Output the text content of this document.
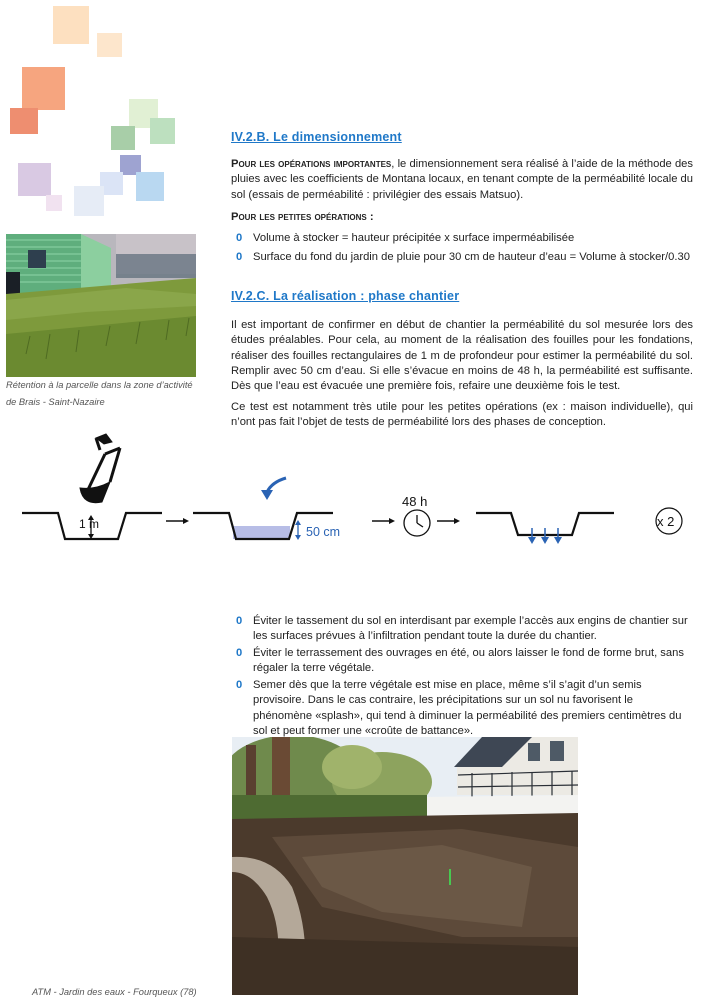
Rétention à la parcelle dans la zone d’activité de Brais - Saint-Nazaire
IV.2.B. Le dimensionnement

Pour les opérations importantes, le dimensionnement sera réalisé à l’aide de la méthode des pluies avec les coefficients de Montana locaux, en tenant compte de la perméabilité locale du sol (essais de perméabilité : privilégier des essais Matsuo).

Pour les petites opérations :
0 Volume à stocker = hauteur précipitée x surface imperméabilisée
0 Surface du fond du jardin de pluie pour 30 cm de hauteur d’eau = Volume à stocker/0.30
IV.2.C. La réalisation : phase chantier

Il est important de confirmer en début de chantier la perméabilité du sol mesurée lors des études préalables. Pour cela, au moment de la réalisation des fouilles pour les fondations, réaliser des fouilles rectangulaires de 1 m de profondeur pour estimer la perméabilité du sol. Remplir avec 50 cm d’eau. Si elle s’évacue en moins de 48 h, la perméabilité est suffisante. Dès que l’eau est évacuée une première fois, refaire une deuxième fois le test.

Ce test est notamment très utile pour les petites opérations (ex : maison individuelle), qui n’ont pas fait l’objet de tests de perméabilité lors des phases de conception.

1 m
50 cm
48 h
x 2
0 Éviter le tassement du sol en interdisant par exemple l’accès aux engins de chantier sur les surfaces prévues à l’infiltration pendant toute la durée du chantier.
0 Éviter le terrassement des ouvrages en été, ou alors laisser le fond de forme brut, sans régaler la terre végétale.
0 Semer dès que la terre végétale est mise en place, même s’il s’agit d’un semis provisoire. Dans le cas contraire, les précipitations sur un sol nu favorisent le phénomène «splash», qui tend à diminuer la perméabilité des premiers centimètres du sol et peut former une «croûte de battance».
ATM - Jardin des eaux - Fourqueux (78)
